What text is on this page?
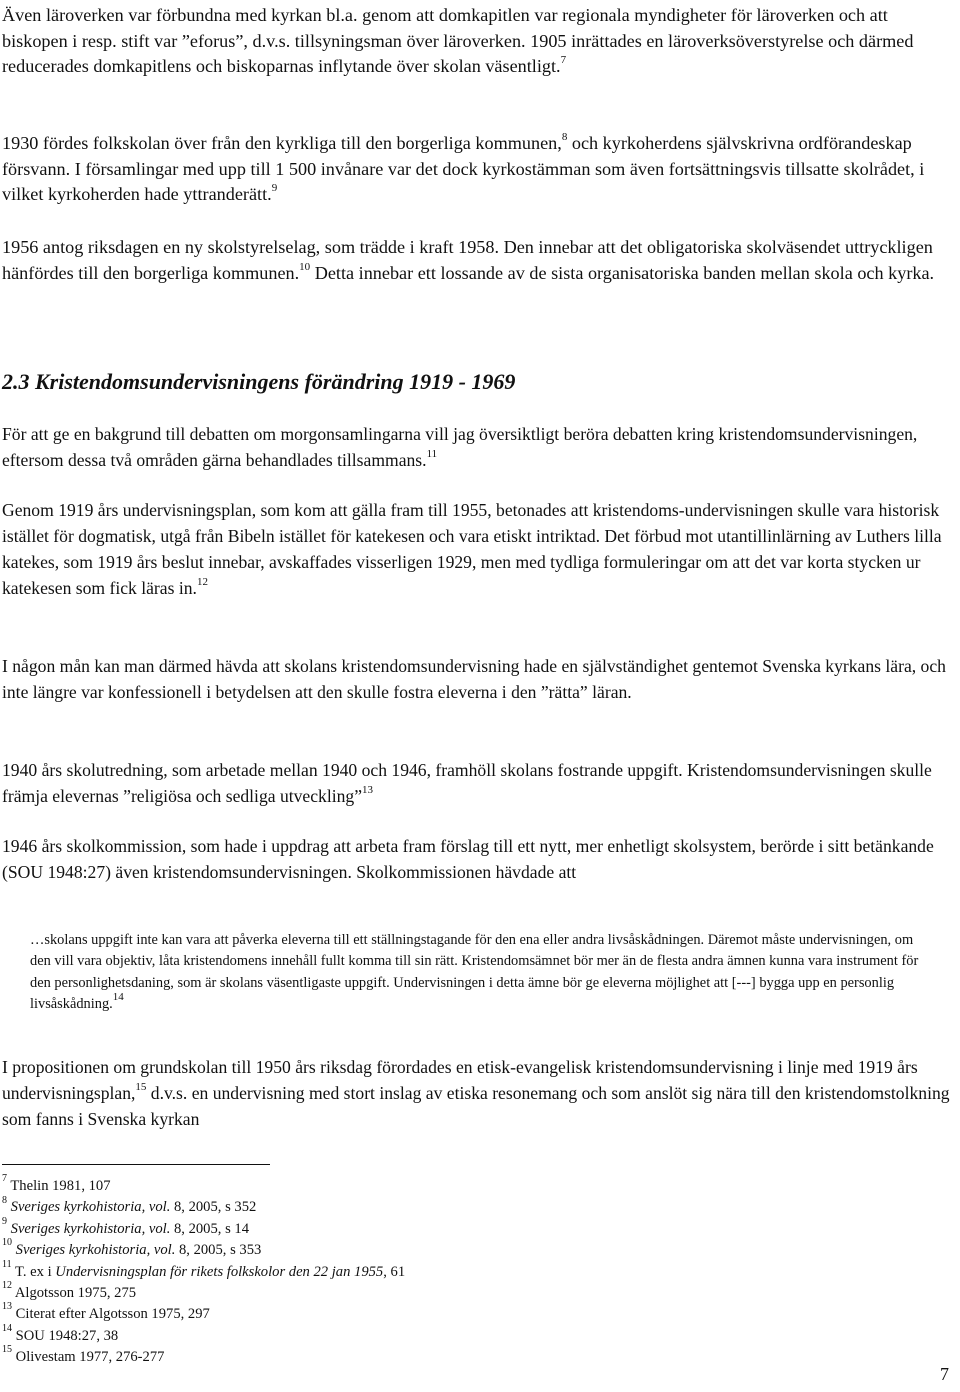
Även läroverken var förbundna med kyrkan bl.a. genom att domkapitlen var regionala myndigheter för läroverken och att biskopen i resp. stift var ”eforus”, d.v.s. tillsyningsman över läroverken. 1905 inrättades en läroverksöverstyrelse och därmed reducerades domkapitlens och biskoparnas inflytande över skolan väsentligt.$^7$

1930 fördes folkskolan över från den kyrkliga till den borgerliga kommunen,$^8$ och kyrkoherdens självskrivna ordförandeskap försvann. I församlingar med upp till 1 500 invånare var det dock kyrkostämman som även fortsättningsvis tillsatte skolrådet, i vilket kyrkoherden hade yttranderätt.$^9$

1956 antog riksdagen en ny skolstyrelselag, som trädde i kraft 1958. Den innebar att det obligatoriska skolväsendet uttryckligen hänfördes till den borgerliga kommunen.$^{10}$ Detta innebar ett lossande av de sista organisatoriska banden mellan skola och kyrka.

2.3 Kristendomsundervisningens förändring 1919 - 1969

För att ge en bakgrund till debatten om morgonsamlingarna vill jag översiktligt beröra debatten kring kristendomsundervisningen, eftersom dessa två områden gärna behandlades tillsammans.$^{11}$

Genom 1919 års undervisningsplan, som kom att gälla fram till 1955, betonades att kristendoms-undervisningen skulle vara historisk istället för dogmatisk, utgå från Bibeln istället för katekesen och vara etiskt intriktad. Det förbud mot utantillinlärning av Luthers lilla katekes, som 1919 års beslut innebar, avskaffades visserligen 1929, men med tydliga formuleringar om att det var korta stycken ur katekesen som fick läras in.$^{12}$

I någon mån kan man därmed hävda att skolans kristendomsundervisning hade en självständighet gentemot Svenska kyrkans lära, och inte längre var konfessionell i betydelsen att den skulle fostra eleverna i den ”rätta” läran.

1940 års skolutredning, som arbetade mellan 1940 och 1946, framhöll skolans fostrande uppgift. Kristendomsundervisningen skulle främja elevernas ”religiösa och sedliga utveckling”$^{13}$

1946 års skolkommission, som hade i uppdrag att arbeta fram förslag till ett nytt, mer enhetligt skolsystem, berörde i sitt betänkande (SOU 1948:27) även kristendomsundervisningen. Skolkommissionen hävdade att

…skolans uppgift inte kan vara att påverka eleverna till ett ställningstagande för den ena eller andra livsåskådningen. Däremot måste undervisningen, om den vill vara objektiv, låta kristendomens innehåll fullt komma till sin rätt. Kristendomsämnet bör mer än de flesta andra ämnen kunna vara instrument för den personlighetsdaning, som är skolans väsentligaste uppgift. Undervisningen i detta ämne bör ge eleverna möjlighet att [---] bygga upp en personlig livsåskådning.$^{14}$

I propositionen om grundskolan till 1950 års riksdag förordades en etisk-evangelisk kristendomsundervisning i linje med 1919 års undervisningsplan,$^{15}$ d.v.s. en undervisning med stort inslag av etiska resonemang och som anslöt sig nära till den kristendomstolkning som fanns i Svenska kyrkan

$^7$ Thelin 1981, 107
$^8$ Sveriges kyrkohistoria, vol. 8, 2005, s 352
$^9$ Sveriges kyrkohistoria, vol. 8, 2005, s 14
$^{10}$ Sveriges kyrkohistoria, vol. 8, 2005, s 353
$^{11}$ T. ex i Undervisningsplan för rikets folkskolor den 22 jan 1955, 61
$^{12}$ Algotsson 1975, 275
$^{13}$ Citerat efter Algotsson 1975, 297
$^{14}$ SOU 1948:27, 38
$^{15}$ Olivestam 1977, 276-277
7
